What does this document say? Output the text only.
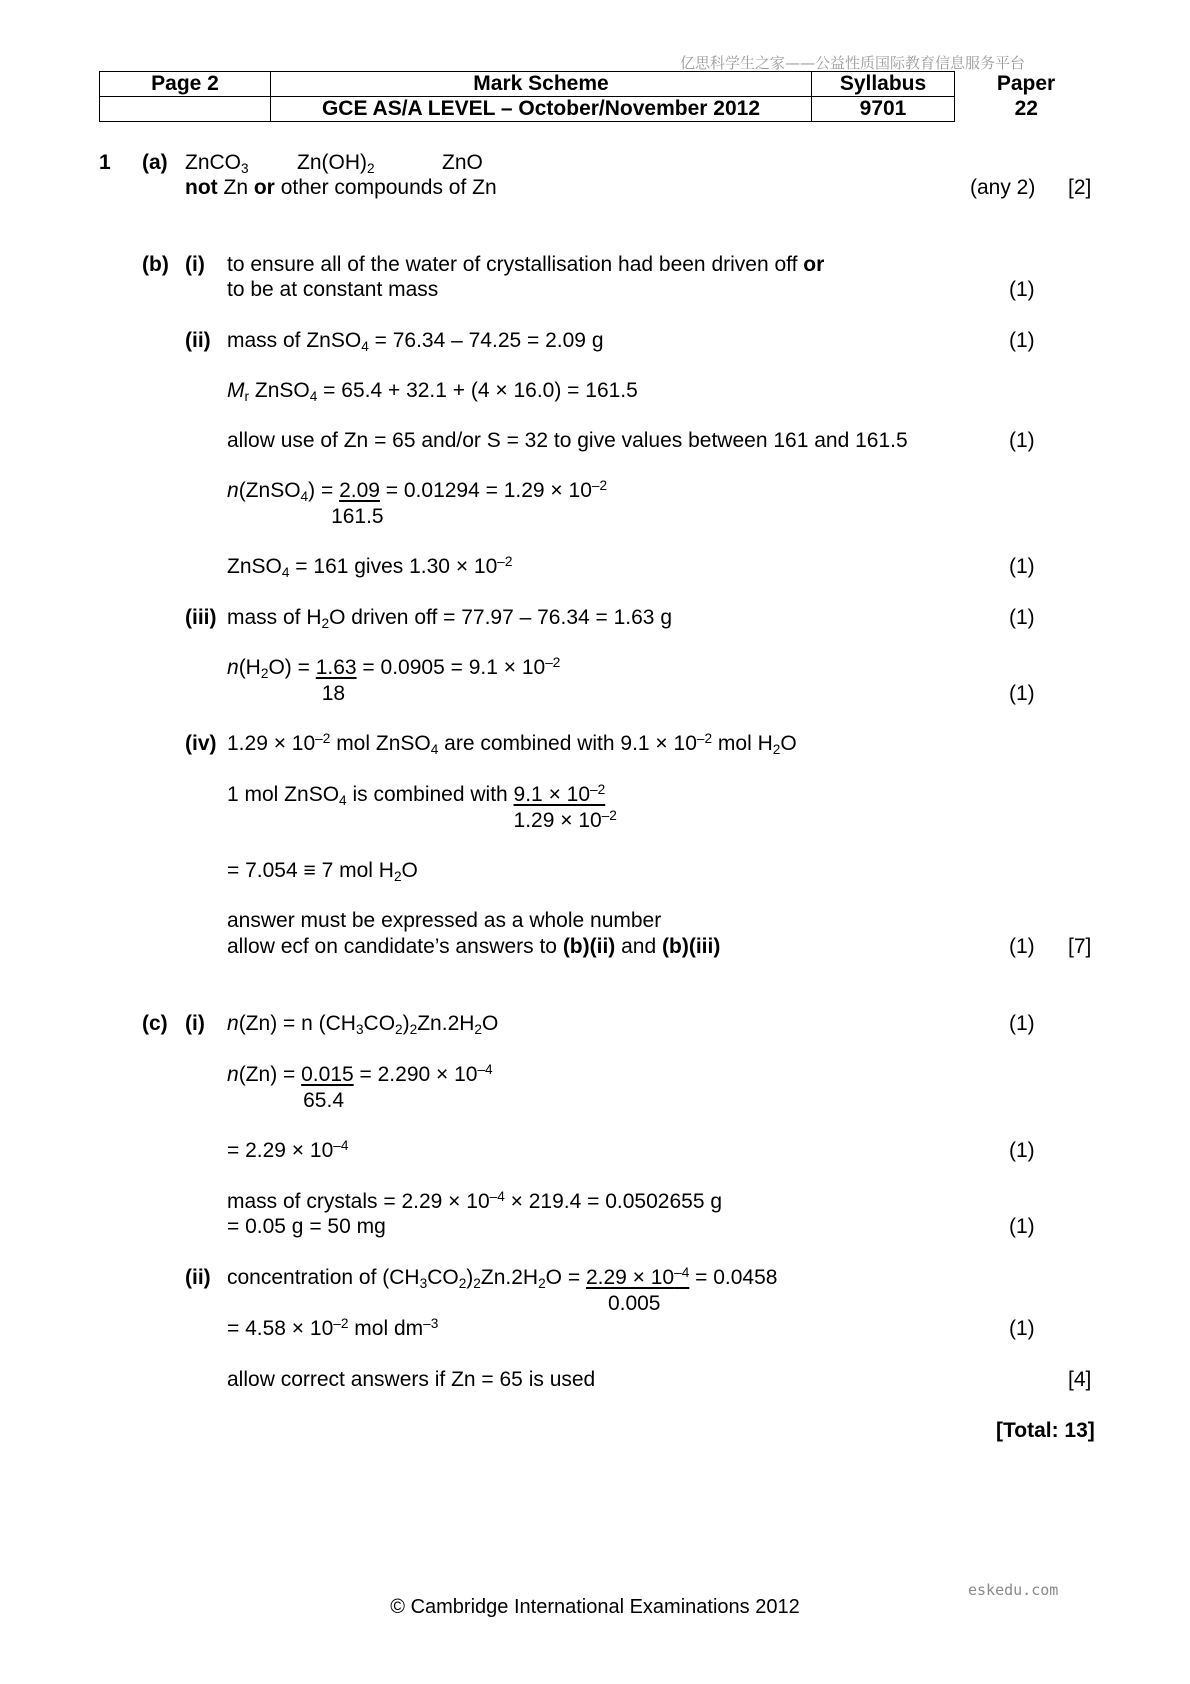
亿思科学生之家——公益性质国际教育信息服务平台
Page 2	Mark Scheme	Syllabus	Paper
	GCE AS/A LEVEL – October/November 2012	9701	22
1 (a) ZnCO$_3$ $Zn(OH)_2$	ZnO
not Zn or other compounds of Zn	(any 2) [2]
(b) (i) to ensure all of the water of crystallisation had been driven off or
to be at constant mass	(1)
(ii) mass of ZnSO$_4$ = 76.34 – 74.25 = 2.09 g	(1)
$M_r$ ZnSO$_4$ = 65.4 + 32.1 + (4 × 16.0) = 161.5
allow use of Zn = 65 and/or S = 32 to give values between 161 and 161.5	(1)
n(ZnSO$_4$) = $\frac{2.09}{161.5} = 0.01294 = 1.29 \times 10^{-2}$
ZnSO$_4$ = 161 gives $1.30 \times 10^{-2}$	(1)
(iii) mass of $H_2O$ driven off = 77.97 – 76.34 = 1.63 g	(1)
$n(H_2O) = \frac{1.63}{18} = 0.0905 = 9.1 \times 10^{-2}$
(1)
(iv) $1.29 \times 10^{-2}$ mol ZnSO$_4$ are combined with $9.1 \times 10^{-2}$ mol $H_2O$
1 mol ZnSO$_4$ is combined with $\frac{9.1 \times 10^{-2}}{1.29 \times 10^{-2}}$
= 7.054 ≡ 7 mol $H_2O$
answer must be expressed as a whole number
allow ecf on candidate’s answers to (b)(ii) and (b)(iii)	(1) [7]
(c) (i) n(Zn) = n $(CH_3CO_2)_2Zn.2H_2O$	(1)
$n(Zn) = \frac{0.015}{65.4} = 2.290 \times 10^{-4}$
= $2.29 \times 10^{-4}$	(1)
mass of crystals = $2.29 \times 10^{-4} \times 219.4 = 0.0502655$ g
= 0.05 g = 50 mg	(1)
(ii) concentration of $(CH_3CO_2)_2Zn.2H_2O = \frac{2.29 \times 10^{-4}}{0.005} = 0.0458$
= $4.58 \times 10^{-2}$ mol $dm^{-3}$	(1)
allow correct answers if Zn = 65 is used	[4]
[Total: 13]
eskedu.com
© Cambridge International Examinations 2012
